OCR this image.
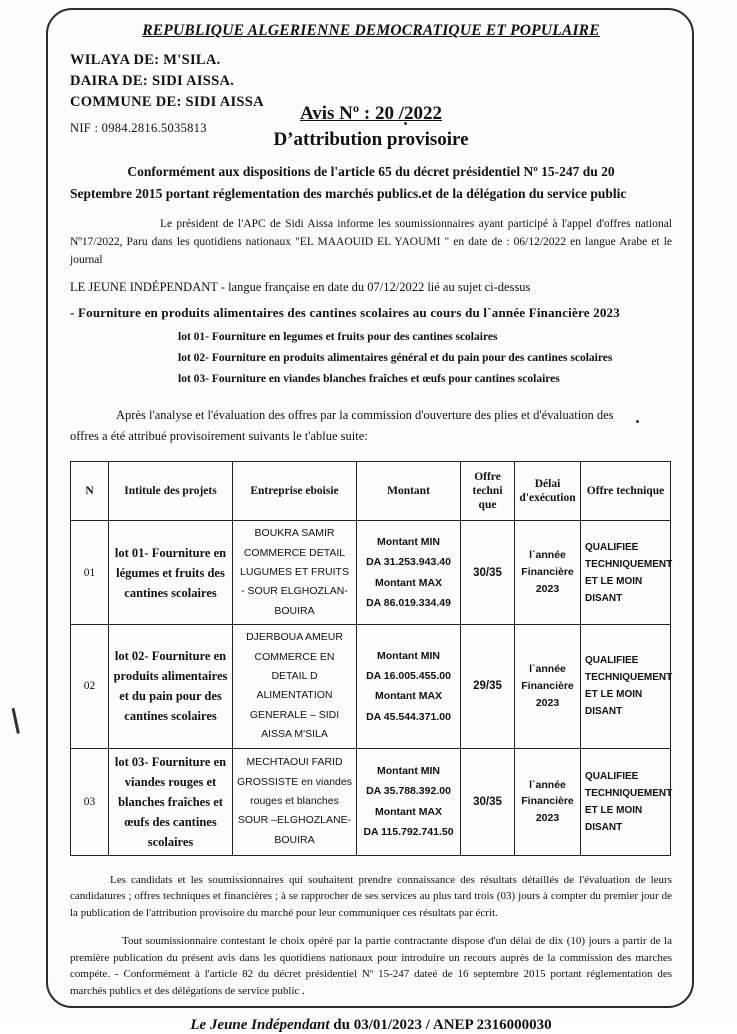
REPUBLIQUE ALGERIENNE DEMOCRATIQUE ET POPULAIRE
WILAYA DE: M'SILA.
DAIRA DE: SIDI AISSA.
COMMUNE DE: SIDI AISSA
NIF : 0984.2816.5035813
Avis Nº : 20 /2022
D’attribution provisoire
Conformément aux dispositions de l'article 65 du décret présidentiel Nº 15-247 du 20
Septembre 2015 portant réglementation des marchés publics.et de la délégation du service public
Le président de l'APC de Sidi Aissa informe les soumissionnaires ayant participé à l'appel d'offres national Nº17/2022, Paru dans les quotidiens nationaux "EL MAAOUID EL YAOUMI " en date de : 06/12/2022 en langue Arabe et le journal
LE JEUNE INDÉPENDANT - langue française en date du 07/12/2022 lié au sujet ci-dessus
- Fourniture en produits alimentaires des cantines scolaires au cours du l`année Financière 2023
lot 01- Fourniture en legumes et fruits pour des cantines scolaires
lot 02- Fourniture en produits alimentaires général et du pain pour des cantines scolaires
lot 03- Fourniture en viandes blanches fraîches et œufs pour cantines scolaires
Après l'analyse et l'évaluation des offres par la commission d'ouverture des plies et d'évaluation des
offres a été attribué provisoirement suivants le t'ablue suite:
N	Intitule des projets	Entreprise eboisie	Montant	Offre techni que	Délai d'exécution	Offre technique
01	lot 01- Fourniture en légumes et fruits des cantines scolaires	BOUKRA SAMIR COMMERCE DETAIL LUGUMES ET FRUITS - SOUR ELGHOZLAN-BOUIRA	Montant MIN
DA 31.253.943.40
Montant MAX
DA 86.019.334.49	30/35	l`année Financière 2023	QUALIFIEE TECHNIQUEMENT ET LE MOIN DISANT
02	lot 02- Fourniture en produits alimentaires et du pain pour des cantines scolaires	DJERBOUA AMEUR COMMERCE EN DETAIL D ALIMENTATION GENERALE – SIDI AISSA M'SILA	Montant MIN
DA 16.005.455.00
Montant MAX
DA 45.544.371.00	29/35	l`année Financière 2023	QUALIFIEE TECHNIQUEMENT ET LE MOIN DISANT
03	lot 03- Fourniture en viandes rouges et blanches fraîches et œufs des cantines scolaires	MECHTAOUI FARID GROSSISTE en viandes rouges et blanches SOUR –ELGHOZLANE-BOUIRA	Montant MIN
DA 35.788.392.00
Montant MAX
DA 115.792.741.50	30/35	l`année Financière 2023	QUALIFIEE TECHNIQUEMENT ET LE MOIN DISANT
Les candidats et les soumissionnaires qui souhaitent prendre connaissance des résultats détaillés de l'évaluation de leurs candidatures ; offres techniques et financières ; à se rapprocher de ses services au plus tard trois (03) jours à compter du premier jour de la publication de l'attribution provisoire du marché pour leur communiquer ces résultats par écrit.
Tout soumissionnaire contestant le choix opéré par la partie contractante dispose d'un délai de dix (10) jours a partir de la première publication du présent avis dans les quotidiens nationaux pour introduire un recours auprès de la commission des marches compéte. - Conformément à l'article 82 du décret présidentiel Nº 15-247 dateé de 16 septembre 2015 portant réglementation des marchés publics et des délégations de service public .
Le Jeune Indépendant du 03/01/2023 / ANEP 2316000030
